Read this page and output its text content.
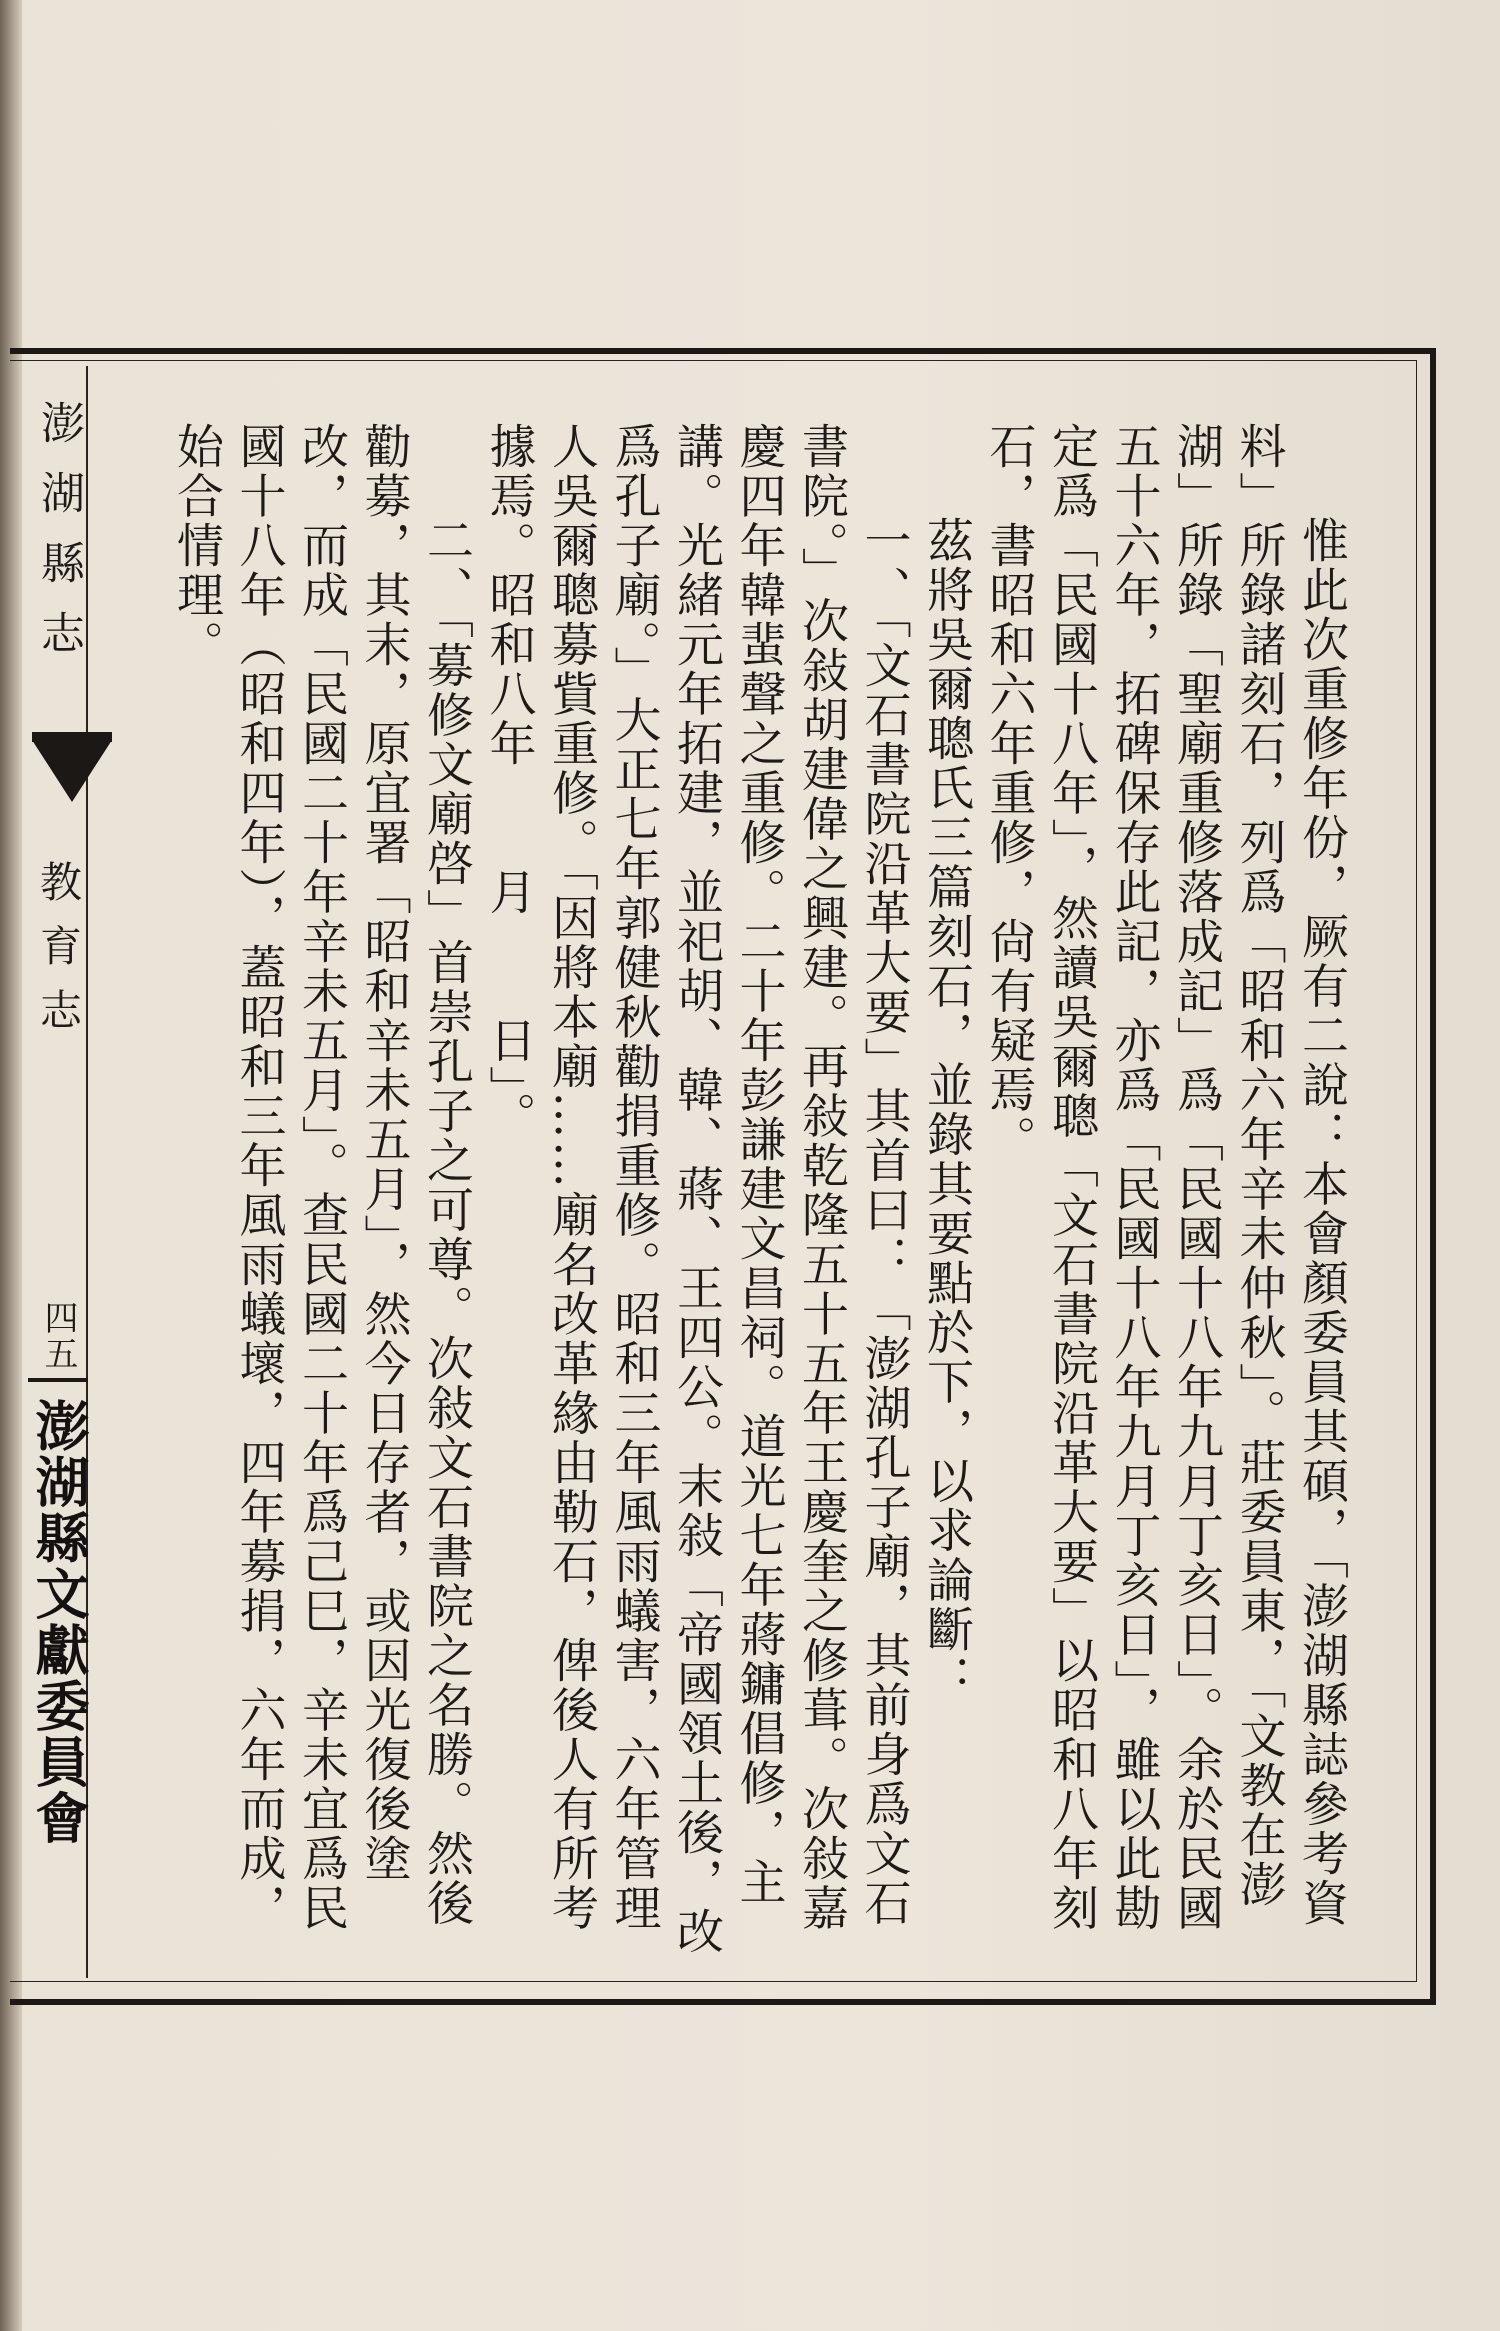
澎湖縣志
教育志
四五
澎湖縣文獻委員會	惟此次重修年份，厥有二說：本會顏委員其碩，「澎湖縣誌參考資料」所錄諸刻石，列爲「昭和六年辛未仲秋」。莊委員東，「文教在澎湖」所錄「聖廟重修落成記」爲「民國十八年九月丁亥日」。余於民國五十六年，拓碑保存此記，亦爲「民國十八年九月丁亥日」，雖以此勘定爲「民國十八年」，然讀吳爾聰「文石書院沿革大要」以昭和八年刻石，書昭和六年重修，尙有疑焉。

茲將吳爾聰氏三篇刻石，並錄其要點於下，以求論斷：

一、「文石書院沿革大要」其首曰：「澎湖孔子廟，其前身爲文石書院。」次敍胡建偉之興建。再敍乾隆五十五年王慶奎之修葺。次敍嘉慶四年韓蜚聲之重修。二十年彭謙建文昌祠。道光七年蔣鏞倡修，主講。光緒元年拓建，並祀胡、韓、蔣、王四公。末敍「帝國領土後，改爲孔子廟。」大正七年郭健秋勸捐重修。昭和三年風雨蟻害，六年管理人吳爾聰募貲重修。「因將本廟……廟名改革緣由勒石，俾後人有所考據焉。昭和八年　　月　　日」。

二、「募修文廟啓」首崇孔子之可尊。次敍文石書院之名勝。然後勸募，其末，原宜署「昭和辛未五月」，然今日存者，或因光復後塗改，而成「民國二十年辛未五月」。查民國二十年爲己巳，辛未宜爲民國十八年（昭和四年），蓋昭和三年風雨蟻壞，四年募捐，六年而成，始合情理。
